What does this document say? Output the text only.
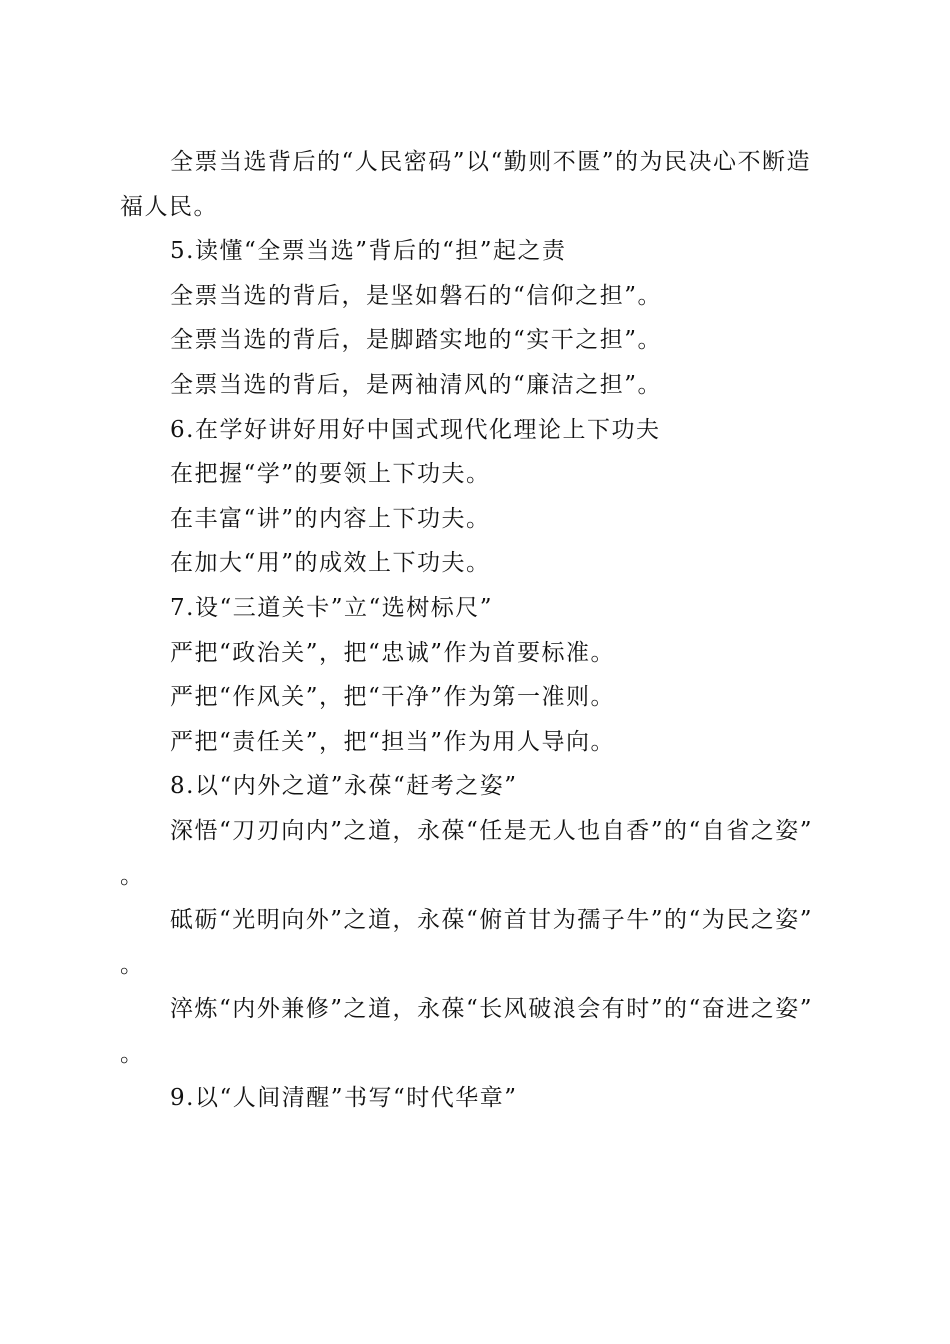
全票当选背后的“人民密码”以“勤则不匮”的为民决心不断造福人民。

5.读懂“全票当选”背后的“担”起之责

全票当选的背后，是坚如磐石的“信仰之担”。

全票当选的背后，是脚踏实地的“实干之担”。

全票当选的背后，是两袖清风的“廉洁之担”。

6.在学好讲好用好中国式现代化理论上下功夫

在把握“学”的要领上下功夫。

在丰富“讲”的内容上下功夫。

在加大“用”的成效上下功夫。

7.设“三道关卡”立“选树标尺”

严把“政治关”，把“忠诚”作为首要标准。

严把“作风关”，把“干净”作为第一准则。

严把“责任关”，把“担当”作为用人导向。

8.以“内外之道”永葆“赶考之姿”

深悟“刀刃向内”之道，永葆“任是无人也自香”的“自省之姿”。

砥砺“光明向外”之道，永葆“俯首甘为孺子牛”的“为民之姿”。

淬炼“内外兼修”之道，永葆“长风破浪会有时”的“奋进之姿”。

9.以“人间清醒”书写“时代华章”
